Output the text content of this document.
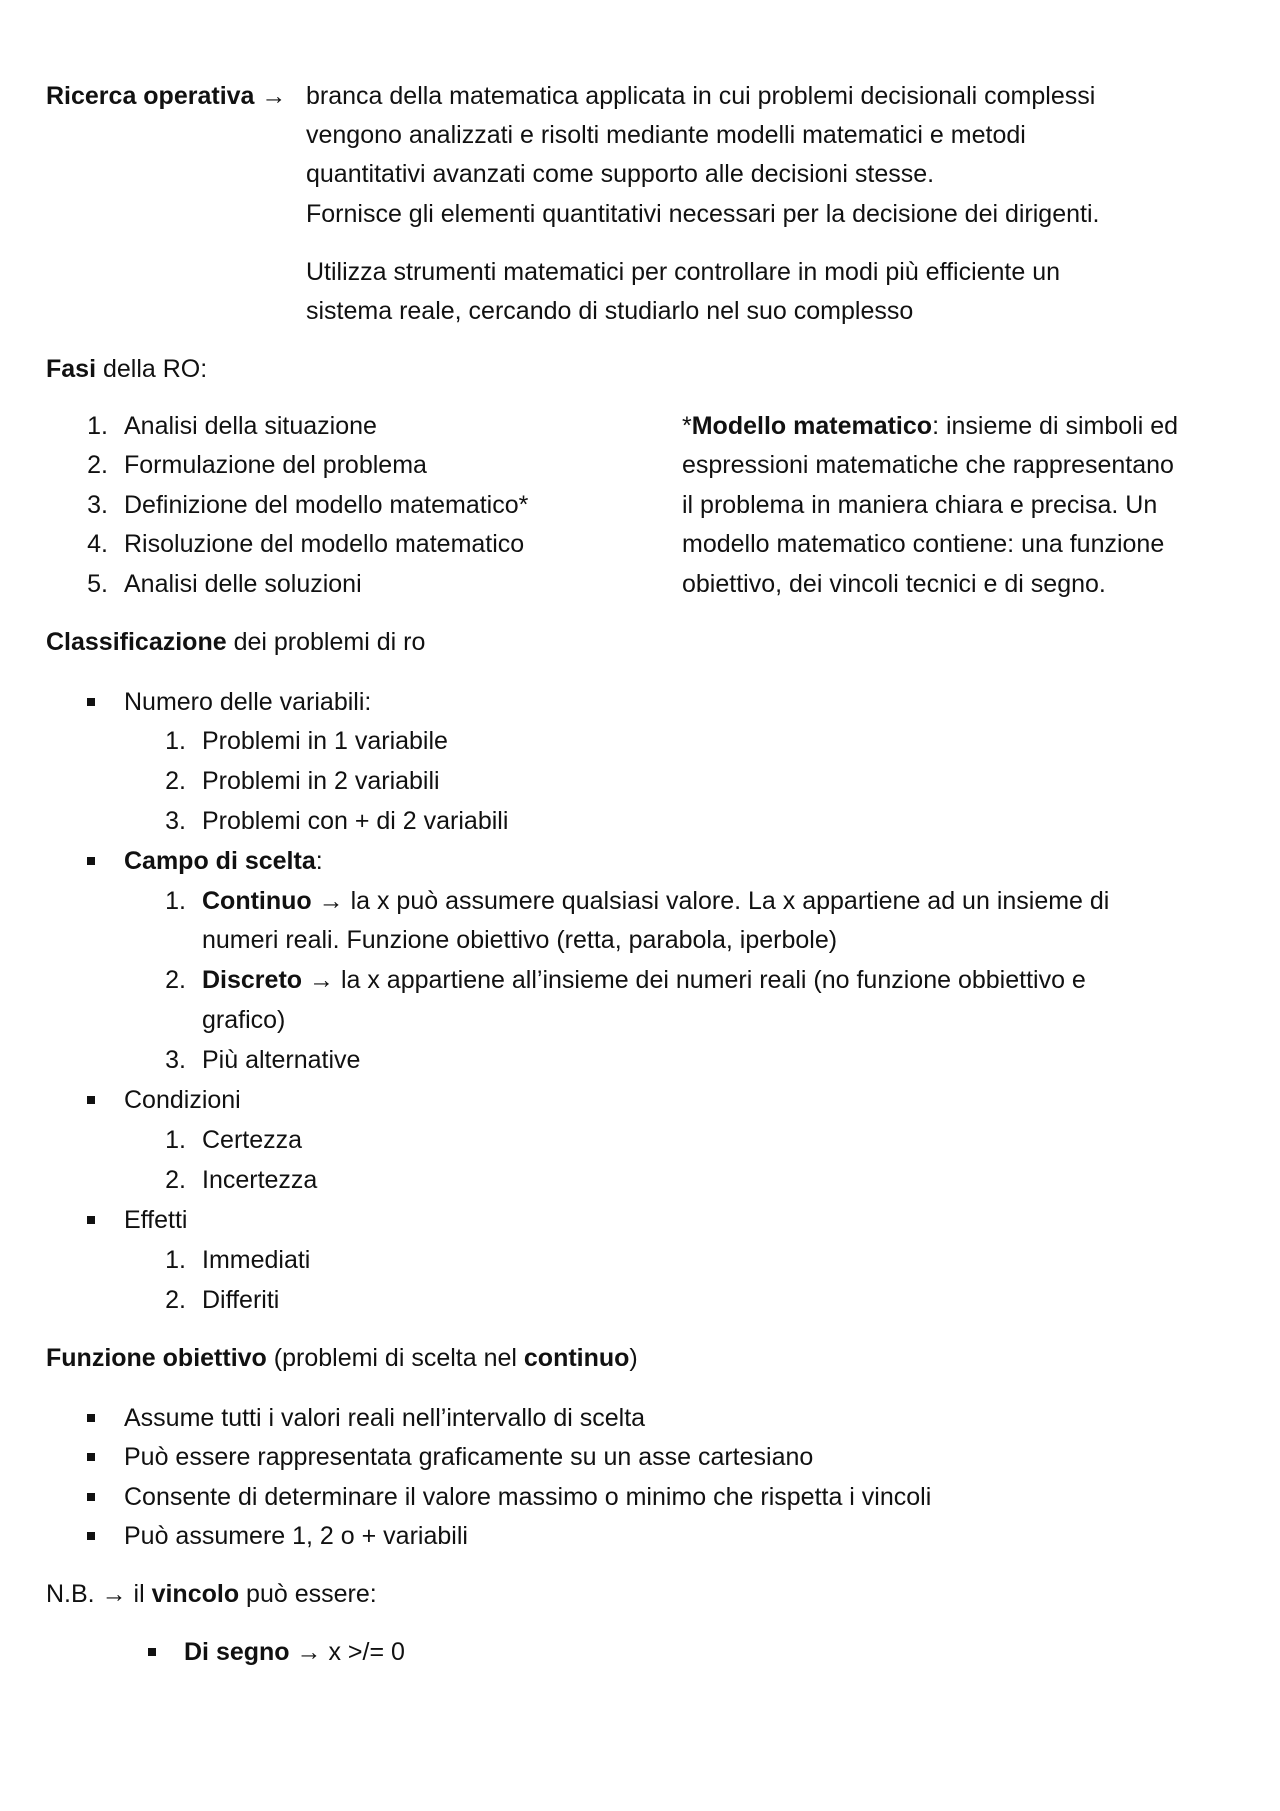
Ricerca operativa → branca della matematica applicata in cui problemi decisionali complessi
vengono analizzati e risolti mediante modelli matematici e metodi
quantitativi avanzati come supporto alle decisioni stesse.
Fornisce gli elementi quantitativi necessari per la decisione dei dirigenti.
Utilizza strumenti matematici per controllare in modi più efficiente un
sistema reale, cercando di studiarlo nel suo complesso
Fasi della RO:
1. Analisi della situazione
2. Formulazione del problema
3. Definizione del modello matematico*
4. Risoluzione del modello matematico
5. Analisi delle soluzioni
*Modello matematico: insieme di simboli ed
espressioni matematiche che rappresentano
il problema in maniera chiara e precisa. Un
modello matematico contiene: una funzione
obiettivo, dei vincoli tecnici e di segno.
Classificazione dei problemi di ro
Numero delle variabili:
1. Problemi in 1 variabile
2. Problemi in 2 variabili
3. Problemi con + di 2 variabili
Campo di scelta:
1. Continuo → la x può assumere qualsiasi valore. La x appartiene ad un insieme di
numeri reali. Funzione obiettivo (retta, parabola, iperbole)
2. Discreto → la x appartiene all’insieme dei numeri reali (no funzione obbiettivo e
grafico)
3. Più alternative
Condizioni
1. Certezza
2. Incertezza
Effetti
1. Immediati
2. Differiti
Funzione obiettivo (problemi di scelta nel continuo)
Assume tutti i valori reali nell’intervallo di scelta
Può essere rappresentata graficamente su un asse cartesiano
Consente di determinare il valore massimo o minimo che rispetta i vincoli
Può assumere 1, 2 o + variabili
N.B. → il vincolo può essere:
Di segno → x >/= 0
